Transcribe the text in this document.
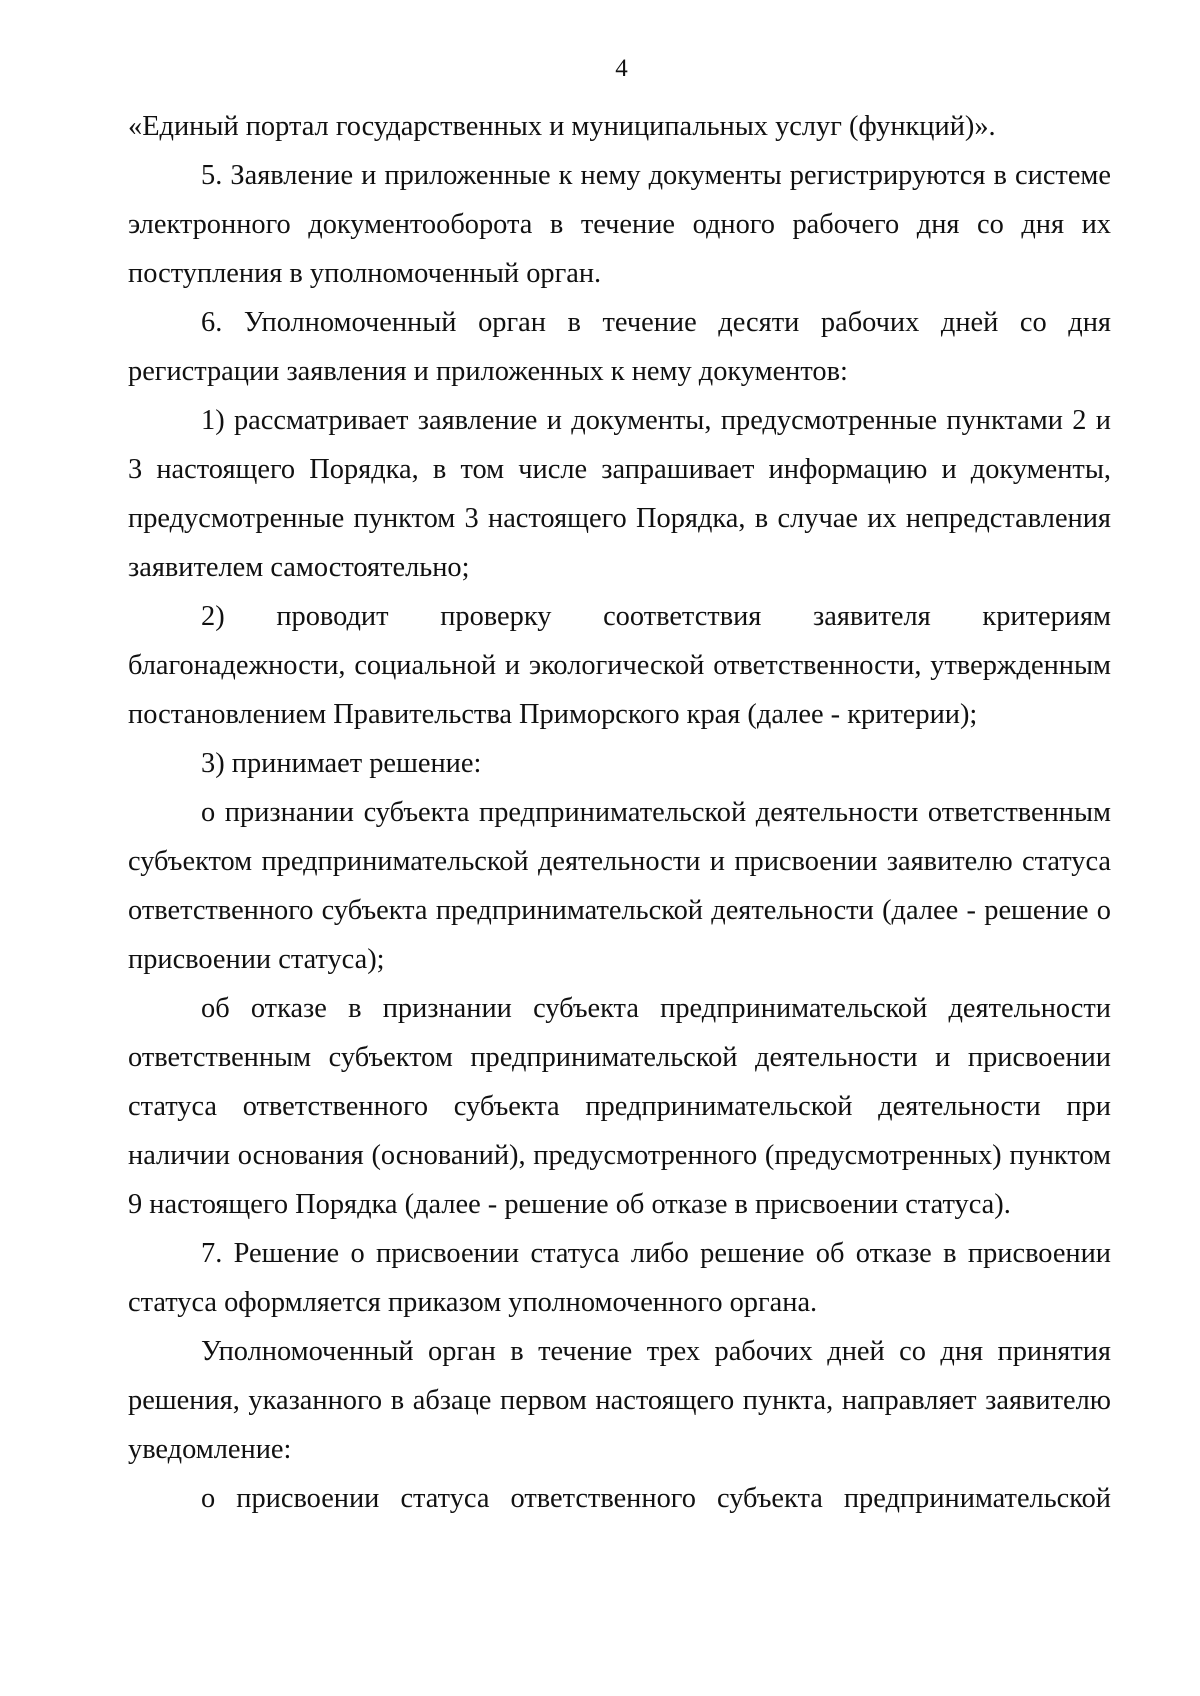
4

«Единый портал государственных и муниципальных услуг (функций)».

5. Заявление и приложенные к нему документы регистрируются в системе электронного документооборота в течение одного рабочего дня со дня их поступления в уполномоченный орган.

6. Уполномоченный орган в течение десяти рабочих дней со дня регистрации заявления и приложенных к нему документов:

1) рассматривает заявление и документы, предусмотренные пунктами 2 и 3 настоящего Порядка, в том числе запрашивает информацию и документы, предусмотренные пунктом 3 настоящего Порядка, в случае их непредставления заявителем самостоятельно;

2) проводит проверку соответствия заявителя критериям благонадежности, социальной и экологической ответственности, утвержденным постановлением Правительства Приморского края (далее - критерии);

3) принимает решение:

о признании субъекта предпринимательской деятельности ответственным субъектом предпринимательской деятельности и присвоении заявителю статуса ответственного субъекта предпринимательской деятельности (далее - решение о присвоении статуса);

об отказе в признании субъекта предпринимательской деятельности ответственным субъектом предпринимательской деятельности и присвоении статуса ответственного субъекта предпринимательской деятельности при наличии основания (оснований), предусмотренного (предусмотренных) пунктом 9 настоящего Порядка (далее - решение об отказе в присвоении статуса).

7. Решение о присвоении статуса либо решение об отказе в присвоении статуса оформляется приказом уполномоченного органа.

Уполномоченный орган в течение трех рабочих дней со дня принятия решения, указанного в абзаце первом настоящего пункта, направляет заявителю уведомление:

о присвоении статуса ответственного субъекта предпринимательской
